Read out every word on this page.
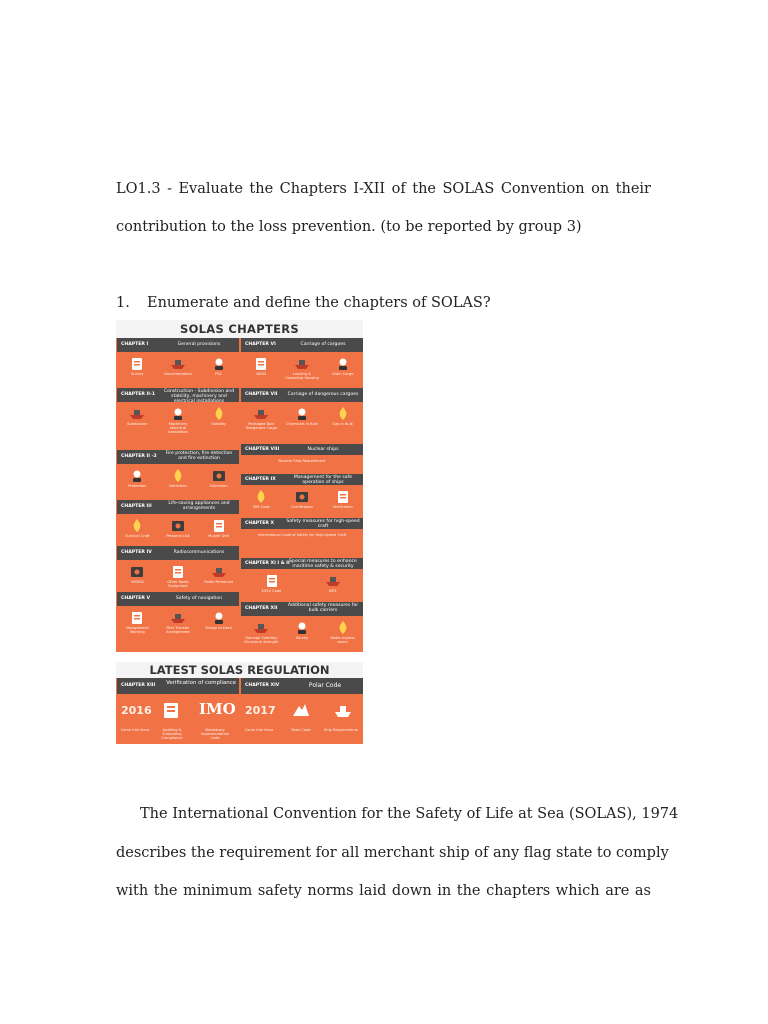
LO1.3 - Evaluate the Chapters I-XII of the SOLAS Convention on their
contribution to the loss prevention. (to be reported by group 3)
1. Enumerate and define the chapters of SOLAS?
SOLAS CHAPTERS
CHAPTER I	General provisions
Survey	Documentation	PSC
CHAPTER II-1
Construction - Subdivision and stability, machinery and electrical installations
Subdivision	Machinery electrical installation
Stability
CHAPTER II -2
Fire protection, fire detection and fire extinction
Protection	Detection	Extinction
CHAPTER III
Life-saving appliances and arrangements
Survival Craft	Personal LSA	Muster Drill
CHAPTER IV	Radiocommunications
GMDSS	Other Radio Equipment
Radio Personnel
CHAPTER V	Safety of navigation
Navigational Warning
Pilot Transfer Arrangement
Bridge to Deck
CHAPTER VI	Carriage of cargoes
NDSS	Loading & Unloading Stowing
Grain Cargo
CHAPTER VII	Carriage of dangerous cargoes
Packaged Bulk Dangerous Cargo
Chemicals in Bulk	Gas in Bulk
CHAPTER VIII	Nuclear ships
Nuclear Ship Requirement
CHAPTER IX	Management for the safe operation of ships
ISM Code	Certification	Verification
CHAPTER X	Safety measures for high-speed craft
International Code of Safety for High-Speed Craft
CHAPTER XI I & II Special measures to enhance maritime safety & security
ESSV Code	ISPS
CHAPTER XII
Additional safety measures for bulk carriers
Damage Stability/ Structural strength
Survey	Water ingress alarm
LATEST SOLAS REGULATION
CHAPTER XIII Verification of compliance
2016	IMO
Came into force	Auditing & Evaluating Compliance
Mandatory Implementation Code
CHAPTER XIV	Polar Code
2017
Came into force	Polar Code	Ship Requirements
The International Convention for the Safety of Life at Sea (SOLAS), 1974
describes the requirement for all merchant ship of any flag state to comply
with the minimum safety norms laid down in the chapters which are as
